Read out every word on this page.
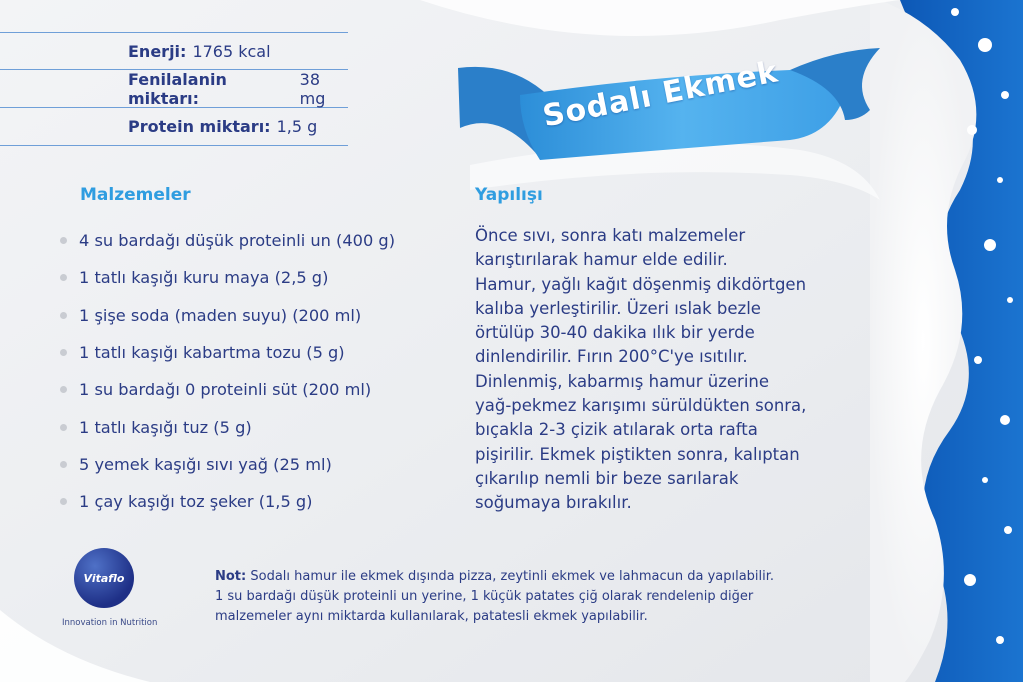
Enerji: 1765 kcal
Fenilalanin miktarı:
38 mg
Protein miktarı: 1,5 g	Sodalı Ekmek
Malzemeler
4 su bardağı düşük proteinli un (400 g)
1 tatlı kaşığı kuru maya (2,5 g)
1 şişe soda (maden suyu) (200 ml)
1 tatlı kaşığı kabartma tozu (5 g)
1 su bardağı 0 proteinli süt (200 ml)
1 tatlı kaşığı tuz (5 g)
5 yemek kaşığı sıvı yağ (25 ml)
1 çay kaşığı toz şeker (1,5 g)
Yapılışı
Önce sıvı, sonra katı malzemeler
karıştırılarak hamur elde edilir.
Hamur, yağlı kağıt döşenmiş dikdörtgen
kalıba yerleştirilir. Üzeri ıslak bezle
örtülüp 30-40 dakika ılık bir yerde
dinlendirilir. Fırın 200°C'ye ısıtılır.
Dinlenmiş, kabarmış hamur üzerine
yağ-pekmez karışımı sürüldükten sonra,
bıçakla 2-3 çizik atılarak orta rafta
pişirilir. Ekmek piştikten sonra, kalıptan
çıkarılıp nemli bir beze sarılarak
soğumaya bırakılır.
Vitaflo
Innovation in Nutrition
Not: Sodalı hamur ile ekmek dışında pizza, zeytinli ekmek ve lahmacun da yapılabilir.
1 su bardağı düşük proteinli un yerine, 1 küçük patates çiğ olarak rendelenip diğer
malzemeler aynı miktarda kullanılarak, patatesli ekmek yapılabilir.
